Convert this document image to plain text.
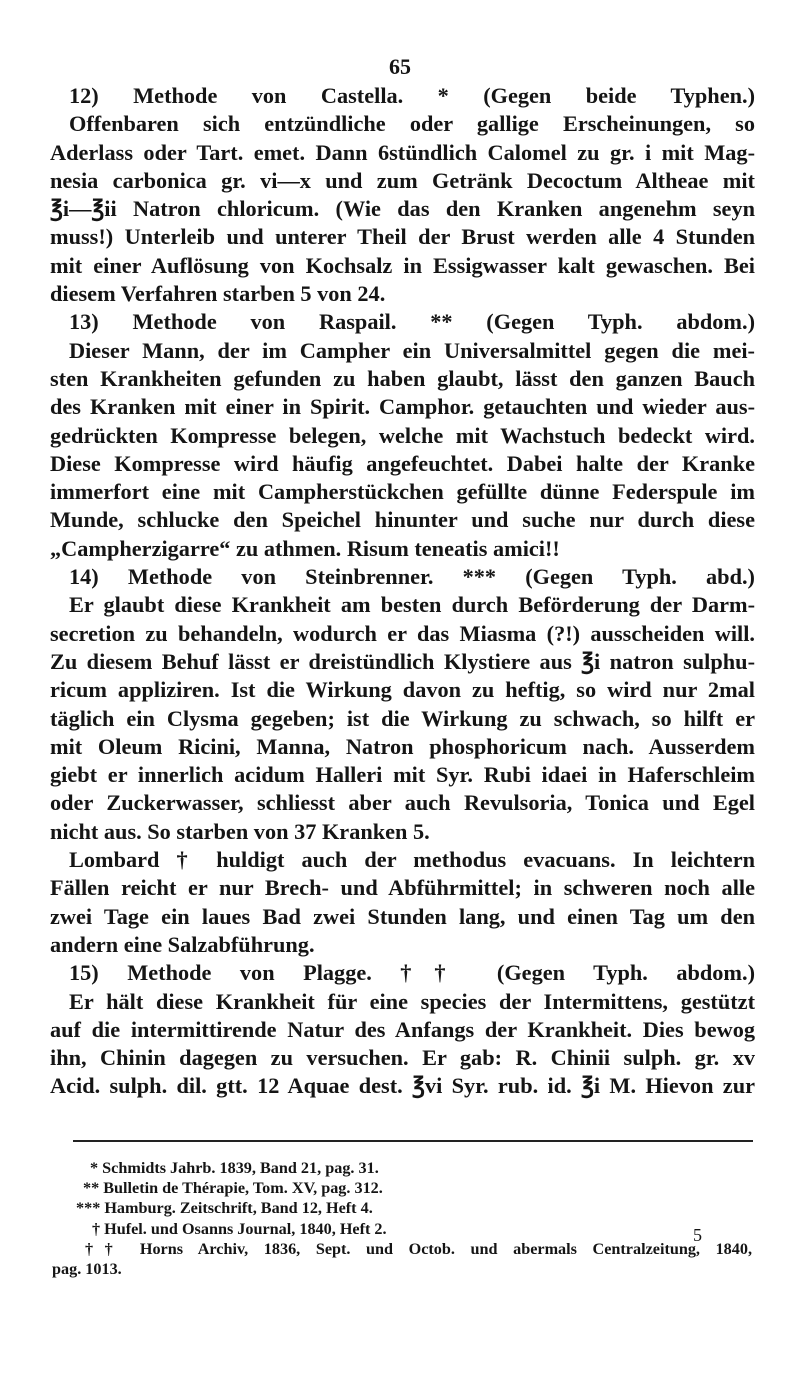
65
12) Methode von Castella. * (Gegen beide Typhen.)
Offenbaren sich entzündliche oder gallige Erscheinungen, so
Aderlass oder Tart. emet. Dann 6stündlich Calomel zu gr. i mit Mag-
nesia carbonica gr. vi—x und zum Getränk Decoctum Altheae mit
℥i—℥ii Natron chloricum. (Wie das den Kranken angenehm seyn
muss!) Unterleib und unterer Theil der Brust werden alle 4 Stunden
mit einer Auflösung von Kochsalz in Essigwasser kalt gewaschen. Bei
diesem Verfahren starben 5 von 24.
13) Methode von Raspail. ** (Gegen Typh. abdom.)
Dieser Mann, der im Campher ein Universalmittel gegen die mei-
sten Krankheiten gefunden zu haben glaubt, lässt den ganzen Bauch
des Kranken mit einer in Spirit. Camphor. getauchten und wieder aus-
gedrückten Kompresse belegen, welche mit Wachstuch bedeckt wird.
Diese Kompresse wird häufig angefeuchtet. Dabei halte der Kranke
immerfort eine mit Campherstückchen gefüllte dünne Federspule im
Munde, schlucke den Speichel hinunter und suche nur durch diese
„Campherzigarre“ zu athmen. Risum teneatis amici!!
14) Methode von Steinbrenner. *** (Gegen Typh. abd.)
Er glaubt diese Krankheit am besten durch Beförderung der Darm-
secretion zu behandeln, wodurch er das Miasma (?!) ausscheiden will.
Zu diesem Behuf lässt er dreistündlich Klystiere aus ℥i natron sulphu-
ricum appliziren. Ist die Wirkung davon zu heftig, so wird nur 2mal
täglich ein Clysma gegeben; ist die Wirkung zu schwach, so hilft er
mit Oleum Ricini, Manna, Natron phosphoricum nach. Ausserdem
giebt er innerlich acidum Halleri mit Syr. Rubi idaei in Haferschleim
oder Zuckerwasser, schliesst aber auch Revulsoria, Tonica und Egel
nicht aus. So starben von 37 Kranken 5.
Lombard † huldigt auch der methodus evacuans. In leichtern
Fällen reicht er nur Brech- und Abführmittel; in schweren noch alle
zwei Tage ein laues Bad zwei Stunden lang, und einen Tag um den
andern eine Salzabführung.
15) Methode von Plagge. †† (Gegen Typh. abdom.)
Er hält diese Krankheit für eine species der Intermittens, gestützt
auf die intermittirende Natur des Anfangs der Krankheit. Dies bewog
ihn, Chinin dagegen zu versuchen. Er gab: R. Chinii sulph. gr. xv
Acid. sulph. dil. gtt. 12 Aquae dest. ℥vi Syr. rub. id. ℥i M. Hievon zur
* Schmidts Jahrb. 1839, Band 21, pag. 31.
** Bulletin de Thérapie, Tom. XV, pag. 312.
*** Hamburg. Zeitschrift, Band 12, Heft 4.
† Hufel. und Osanns Journal, 1840, Heft 2.
†† Horns Archiv, 1836, Sept. und Octob. und abermals Centralzeitung, 1840,
pag. 1013.
5
